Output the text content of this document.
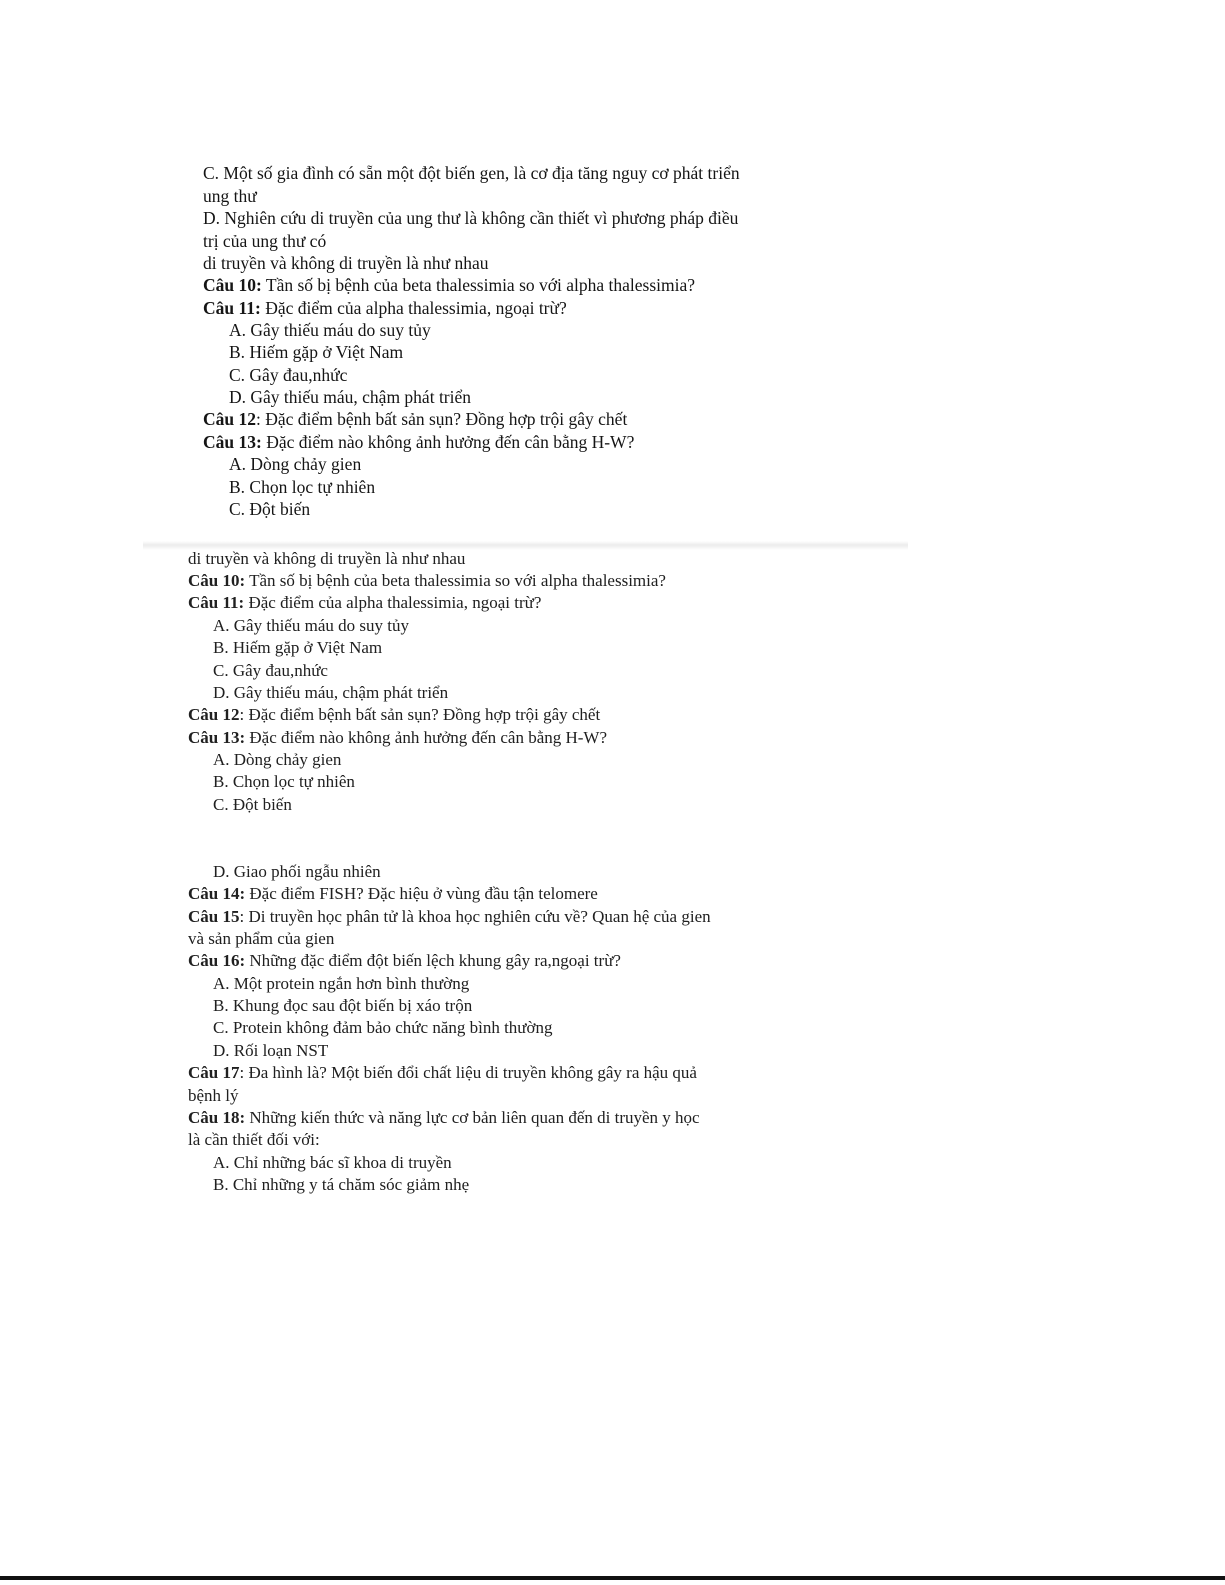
C. Một số gia đình có sẵn một đột biến gen, là cơ địa tăng nguy cơ phát triển
ung thư
D. Nghiên cứu di truyền của ung thư là không cần thiết vì phương pháp điều
trị của ung thư có
di truyền và không di truyền là như nhau
Câu 10: Tần số bị bệnh của beta thalessimia so với alpha thalessimia?
Câu 11: Đặc điểm của alpha thalessimia, ngoại trừ?
A. Gây thiếu máu do suy tủy
B. Hiếm gặp ở Việt Nam
C. Gây đau,nhức
D. Gây thiếu máu, chậm phát triển
Câu 12: Đặc điểm bệnh bất sản sụn? Đồng hợp trội gây chết
Câu 13: Đặc điểm nào không ảnh hưởng đến cân bằng H-W?
A. Dòng chảy gien
B. Chọn lọc tự nhiên
C. Đột biến
di truyền và không di truyền là như nhau
Câu 10: Tần số bị bệnh của beta thalessimia so với alpha thalessimia?
Câu 11: Đặc điểm của alpha thalessimia, ngoại trừ?
A. Gây thiếu máu do suy tủy
B. Hiếm gặp ở Việt Nam
C. Gây đau,nhức
D. Gây thiếu máu, chậm phát triển
Câu 12: Đặc điểm bệnh bất sản sụn? Đồng hợp trội gây chết
Câu 13: Đặc điểm nào không ảnh hưởng đến cân bằng H-W?
A. Dòng chảy gien
B. Chọn lọc tự nhiên
C. Đột biến
D. Giao phối ngẫu nhiên
Câu 14: Đặc điểm FISH? Đặc hiệu ở vùng đầu tận telomere
Câu 15: Di truyền học phân tử là khoa học nghiên cứu về? Quan hệ của gien
và sản phẩm của gien
Câu 16: Những đặc điểm đột biến lệch khung gây ra,ngoại trừ?
A. Một protein ngắn hơn bình thường
B. Khung đọc sau đột biến bị xáo trộn
C. Protein không đảm bảo chức năng bình thường
D. Rối loạn NST
Câu 17: Đa hình là? Một biến đổi chất liệu di truyền không gây ra hậu quả
bệnh lý
Câu 18: Những kiến thức và năng lực cơ bản liên quan đến di truyền y học
là cần thiết đối với:
A. Chỉ những bác sĩ khoa di truyền
B. Chỉ những y tá chăm sóc giảm nhẹ
